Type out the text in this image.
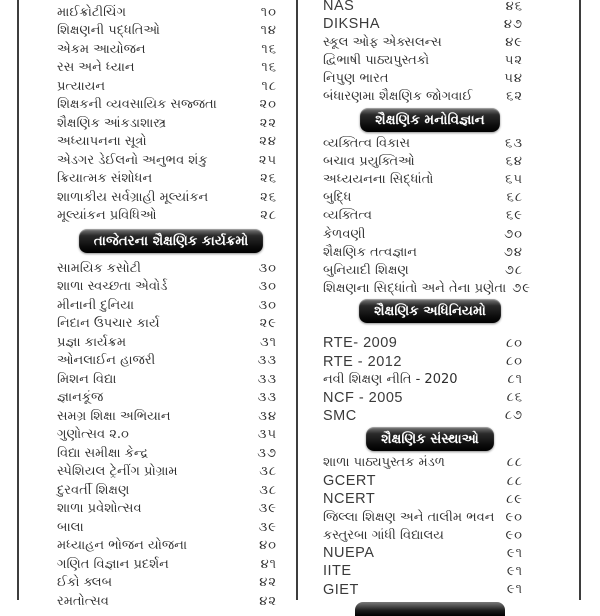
માઈક્રોટીચિંગ	૧૦
શિક્ષણની પદ્ધતિઓ	૧૪
એકમ આયોજન	૧૬
રસ અને ધ્યાન	૧૬
પ્રત્યાયન	૧૮
શિક્ષકની વ્યવસાયિક સજ્જતા	૨૦
શૈક્ષણિક આંકડાશાસ્ત્ર	૨૨
અધ્યાપનના સૂત્રો	૨૪
એડગર ડેઈલનો અનુભવ શંકુ	૨૫
ક્રિયાત્મક સંશોધન	૨૬
શાળાકીય સર્વગ્રાહી મૂલ્યાંકન	૨૬
મૂલ્યાંકન પ્રવિધિઓ	૨૮
તાજેતરના શૈક્ષણિક કાર્યક્રમો
સામયિક કસોટી	૩૦
શાળા સ્વચ્છતા એવોર્ડ	૩૦
મીનાની દુનિયા	૩૦
નિદાન ઉપચાર કાર્ય	૨૯
પ્રજ્ઞા કાર્યક્રમ	૩૧
ઓનલાઈન હાજરી	૩૩
મિશન વિદ્યા	૩૩
જ્ઞાનકૂંજ	૩૩
સમગ્ર શિક્ષા અભિયાન	૩૪
ગુણોત્સવ ૨.૦	૩૫
વિદ્યા સમીક્ષા કેન્દ્ર	૩૭
સ્પેશિયલ ટ્રેનીંગ પ્રોગ્રામ	૩૮
દુરવર્તી શિક્ષણ	૩૮
શાળા પ્રવેશોત્સવ	૩૯
બાલા	૩૯
મધ્યાહન ભોજન યોજના	૪૦
ગણિત વિજ્ઞાન પ્રદર્શન	૪૧
ઈકો ક્લબ	૪૨
રમતોત્સવ	૪૨
NAS	૪૬
DIKSHA	૪૭
સ્કૂલ ઓફ એક્સલન્સ	૪૯
દ્વિભાષી પાઠ્યપુસ્તકો	૫૨
નિપુણ ભારત	૫૪
બંધારણમા શૈક્ષણિક જોગવાઈ	૬૨
શૈક્ષણિક મનોવિજ્ઞાન
વ્યક્તિત્વ વિકાસ	૬૩
બચાવ પ્રયુક્તિઓ	૬૪
અધ્યયનના સિદ્ધાંતો	૬૫
બુદ્ધિ	૬૮
વ્યક્તિત્વ	૬૯
કેળવણી	૭૦
શૈક્ષણિક તત્વજ્ઞાન	૭૪
બુનિયાદી શિક્ષણ	૭૮
શિક્ષણના સિદ્ધાંતો અને તેના પ્રણેતા ૭૯
શૈક્ષણિક અધિનિયમો
RTE- 2009	૮૦
RTE - 2012	૮૦
નવી શિક્ષણ નીતિ - 2020	૮૧
NCF - 2005	૮૬
SMC	૮૭
શૈક્ષણિક સંસ્થાઓ
શાળા પાઠ્યપુસ્તક મંડળ	૮૮
GCERT	૮૮
NCERT	૮૯
જિલ્લા શિક્ષણ અને તાલીમ ભવન ૯૦
કસ્તુરબા ગાંધી વિદ્યાલય	૯૦
NUEPA	૯૧
IITE	૯૧
GIET	૯૧
